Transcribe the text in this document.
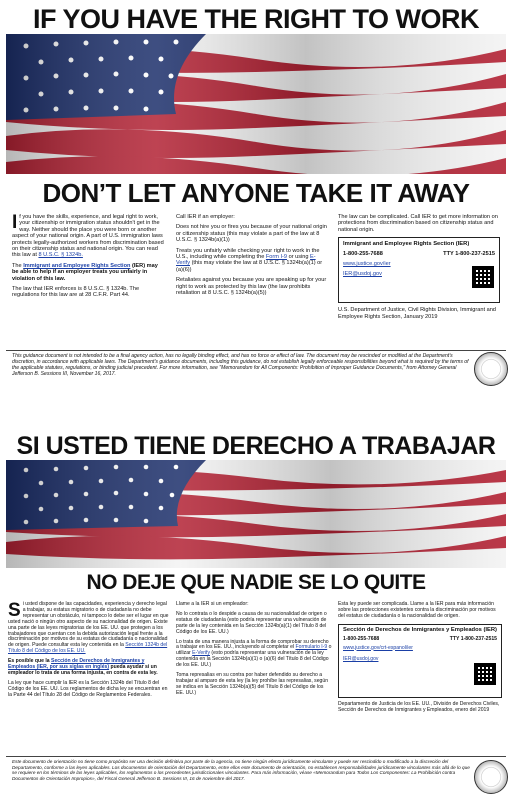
IF YOU HAVE THE RIGHT TO WORK
DON’T LET ANYONE TAKE IT AWAY

I f you have the skills, experience, and legal right to work, your citizenship or immigration status shouldn't get in the way. Neither should the place you were born or another aspect of your national origin. A part of U.S. immigration laws protects legally-authorized workers from discrimination based on their citizenship status and national origin. You can read this law at 8 U.S.C. § 1324b.

The Immigrant and Employee Rights Section (IER) may be able to help if an employer treats you unfairly in violation of this law.

The law that IER enforces is 8 U.S.C. § 1324b. The regulations for this law are at 28 C.F.R. Part 44.

Call IER if an employer:

Does not hire you or fires you because of your national origin or citizenship status (this may violate a part of the law at 8 U.S.C. § 1324b(a)(1))

Treats you unfairly while checking your right to work in the U.S., including while completing the Form I-9 or using E-Verify (this may violate the law at 8 U.S.C. § 1324b(a)(1) or (a)(6))

Retaliates against you because you are speaking up for your right to work as protected by this law (the law prohibits retaliation at 8 U.S.C. § 1324b(a)(5))

The law can be complicated. Call IER to get more information on protections from discrimination based on citizenship status and national origin.

Immigrant and Employee Rights Section (IER)
1-800-255-7688	TTY 1-800-237-2515
www.justice.gov/ier
IER@usdoj.gov

U.S. Department of Justice, Civil Rights Division, Immigrant and Employee Rights Section, January 2019

This guidance document is not intended to be a final agency action, has no legally binding effect, and has no force or effect of law. The document may be rescinded or modified at the Department's discretion, in accordance with applicable laws. The Department's guidance documents, including this guidance, do not establish legally enforceable responsibilities beyond what is required by the terms of the applicable statutes, regulations, or binding judicial precedent. For more information, see "Memorandum for All Components: Prohibition of Improper Guidance Documents," from Attorney General Jefferson B. Sessions III, November 16, 2017.
SI USTED TIENE DERECHO A TRABAJAR
NO DEJE QUE NADIE SE LO QUITE

S i usted dispone de las capacidades, experiencia y derecho legal a trabajar, su estatus migratorio o de ciudadanía no debe representar un obstáculo, ni tampoco lo debe ser el lugar en que usted nació o ningún otro aspecto de su nacionalidad de origen. Existe una parte de las leyes migratorias de los EE. UU. que protegen a los trabajadores que cuentan con la debida autorización legal frente a la discriminación por motivos de su estatus de ciudadanía o nacionalidad de origen. Puede consultar esta ley contenida en la Sección 1324b del Título 8 del Código de los EE. UU.

Es posible que la Sección de Derechos de Inmigrantes y Empleados (IER, por sus siglas en inglés) pueda ayudar si un empleador lo trata de una forma injusta, en contra de esta ley.

La ley que hace cumplir la IER es la Sección 1324b del Título 8 del Código de los EE. UU. Los reglamentos de dicha ley se encuentran en la Parte 44 del Título 28 del Código de Reglamentos Federales.

Llame a la IER si un empleador:

No lo contrata o lo despide a causa de su nacionalidad de origen o estatus de ciudadanía (esto podría representar una vulneración de parte de la ley contenida en la Sección 1324b(a)(1) del Título 8 del Código de los EE. UU.)

Lo trata de una manera injusta a la forma de comprobar su derecho a trabajar en los EE. UU., incluyendo al completar el Formulario I-9 o utilizar E-Verify (esto podría representar una vulneración de la ley contenida en la Sección 1324b(a)(1) o (a)(6) del Título 8 del Código de los EE. UU.)

Toma represalias en su contra por haber defendido su derecho a trabajar al amparo de esta ley (la ley prohíbe las represalias, según se indica en la Sección 1324b(a)(5) del Título 8 del Código de los EE. UU.)

Esta ley puede ser complicada. Llame a la IER para más información sobre las protecciones existentes contra la discriminación por motivos del estatus de ciudadanía o la nacionalidad de origen.

Sección de Derechos de Inmigrantes y Empleados (IER)
1-800-255-7688	TTY 1-800-237-2515
www.justice.gov/crt-espanol/ier
IER@usdoj.gov

Departamento de Justicia de los EE. UU., División de Derechos Civiles, Sección de Derechos de Inmigrantes y Empleados, enero del 2019

Este documento de orientación no tiene como propósito ser una decisión definitiva por parte de la agencia, no tiene ningún efecto jurídicamente vinculante y puede ser rescindido o modificado a la discreción del Departamento, conforme a las leyes aplicables. Los documentos de orientación del Departamento, entre ellos este documento de orientación, no establecen responsabilidades jurídicamente vinculantes más allá de lo que se requiere en los términos de las leyes aplicables, los reglamentos o los precedentes jurisdiccionales vinculantes. Para más información, véase «Memorandum para Todos Los Componentes: La Prohibición contra Documentos de Orientación Impropios», del Fiscal General Jefferson B. Sessions III, 16 de noviembre del 2017.
